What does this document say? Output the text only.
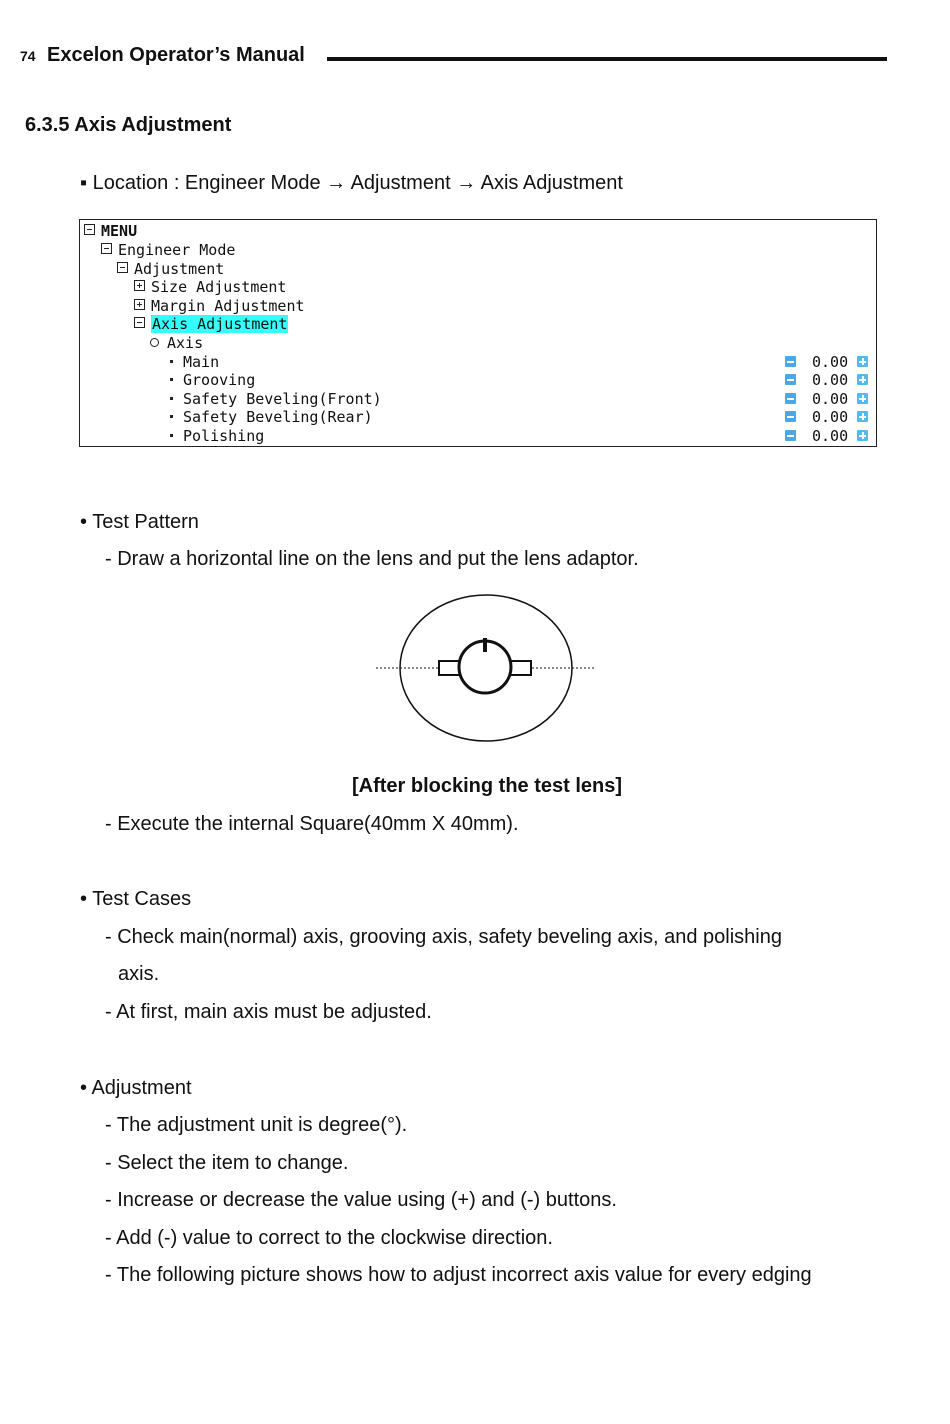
74 Excelon Operator’s Manual
6.3.5 Axis Adjustment
▪ Location : Engineer Mode → Adjustment → Axis Adjustment
MENU
Engineer Mode
Adjustment
Size Adjustment
Margin Adjustment
Axis Adjustment
Axis
Main	0.00
Grooving	0.00
Safety Beveling(Front)	0.00
Safety Beveling(Rear)	0.00
Polishing	0.00
• Test Pattern
- Draw a horizontal line on the lens and put the lens adaptor.
[After blocking the test lens]
- Execute the internal Square(40mm X 40mm).
• Test Cases
- Check main(normal) axis, grooving axis, safety beveling axis, and polishing
axis.
- At first, main axis must be adjusted.
• Adjustment
- The adjustment unit is degree(°).
- Select the item to change.
- Increase or decrease the value using (+) and (-) buttons.
- Add (-) value to correct to the clockwise direction.
- The following picture shows how to adjust incorrect axis value for every edging
